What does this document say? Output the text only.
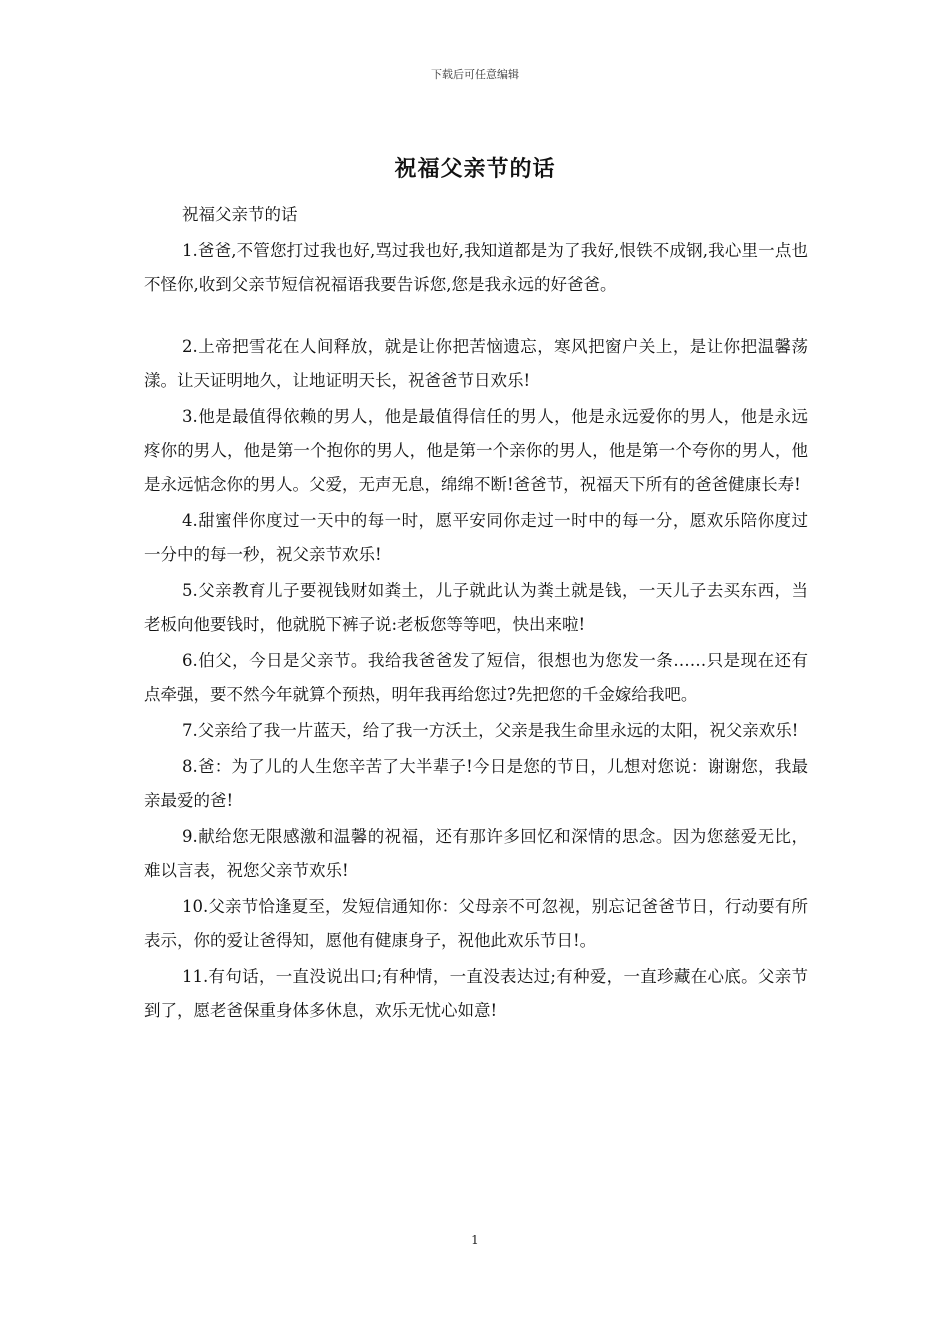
下载后可任意编辑
祝福父亲节的话

祝福父亲节的话

1.爸爸,不管您打过我也好,骂过我也好,我知道都是为了我好,恨铁不成钢,我心里一点也不怪你,收到父亲节短信祝福语我要告诉您,您是我永远的好爸爸。

2.上帝把雪花在人间释放，就是让你把苦恼遗忘，寒风把窗户关上，是让你把温馨荡漾。让天证明地久，让地证明天长，祝爸爸节日欢乐!

3.他是最值得依赖的男人，他是最值得信任的男人，他是永远爱你的男人，他是永远疼你的男人，他是第一个抱你的男人，他是第一个亲你的男人，他是第一个夸你的男人，他是永远惦念你的男人。父爱，无声无息，绵绵不断!爸爸节，祝福天下所有的爸爸健康长寿!

4.甜蜜伴你度过一天中的每一时，愿平安同你走过一时中的每一分，愿欢乐陪你度过一分中的每一秒，祝父亲节欢乐!

5.父亲教育儿子要视钱财如粪土，儿子就此认为粪土就是钱，一天儿子去买东西，当老板向他要钱时，他就脱下裤子说:老板您等等吧，快出来啦!

6.伯父，今日是父亲节。我给我爸爸发了短信，很想也为您发一条……只是现在还有点牵强，要不然今年就算个预热，明年我再给您过?先把您的千金嫁给我吧。

7.父亲给了我一片蓝天，给了我一方沃土，父亲是我生命里永远的太阳，祝父亲欢乐!

8.爸：为了儿的人生您辛苦了大半辈子!今日是您的节日，儿想对您说：谢谢您，我最亲最爱的爸!

9.献给您无限感激和温馨的祝福，还有那许多回忆和深情的思念。因为您慈爱无比，难以言表，祝您父亲节欢乐!

10.父亲节恰逢夏至，发短信通知你：父母亲不可忽视，别忘记爸爸节日，行动要有所表示，你的爱让爸得知，愿他有健康身子，祝他此欢乐节日!。

11.有句话，一直没说出口;有种情，一直没表达过;有种爱，一直珍藏在心底。父亲节到了，愿老爸保重身体多休息，欢乐无忧心如意!

1
